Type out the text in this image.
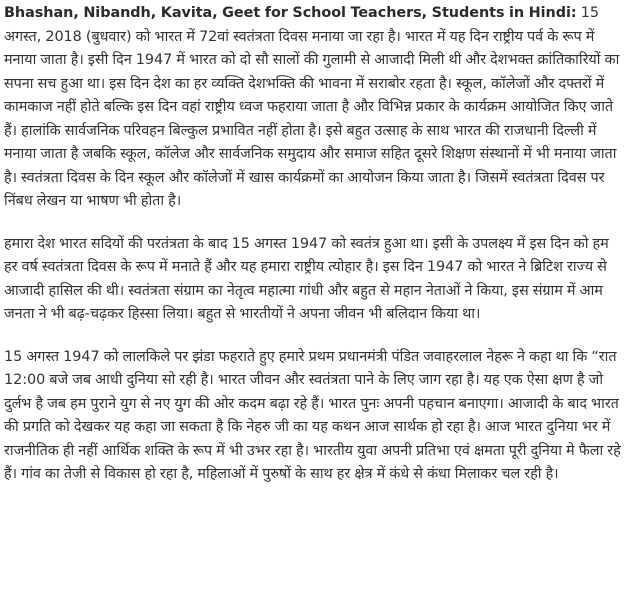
Bhashan, Nibandh, Kavita, Geet for School Teachers, Students in Hindi: 15 अगस्त, 2018 (बुधवार) को भारत में 72वां स्वतंत्रता दिवस मनाया जा रहा है। भारत में यह दिन राष्ट्रीय पर्व के रूप में मनाया जाता है। इसी दिन 1947 में भारत को दो सौ सालों की गुलामी से आजादी मिली थी और देशभक्त क्रांतिकारियों का सपना सच हुआ था। इस दिन देश का हर व्यक्ति देशभक्ति की भावना में सराबोर रहता है। स्कूल, कॉलेजों और दफ्तरों में कामकाज नहीं होते बल्कि इस दिन वहां राष्ट्रीय ध्वज फहराया जाता है और विभिन्न प्रकार के कार्यक्रम आयोजित किए जाते हैं। हालांकि सार्वजनिक परिवहन बिल्कुल प्रभावित नहीं होता है। इसे बहुत उत्साह के साथ भारत की राजधानी दिल्ली में मनाया जाता है जबकि स्कूल, कॉलेज और सार्वजनिक समुदाय और समाज सहित दूसरे शिक्षण संस्थानों में भी मनाया जाता है। स्वतंत्रता दिवस के दिन स्कूल और कॉलेजों में खास कार्यक्रमों का आयोजन किया जाता है। जिसमें स्वतंत्रता दिवस पर निंबध लेखन या भाषण भी होता है।

हमारा देश भारत सदियों की परतंत्रता के बाद 15 अगस्त 1947 को स्वतंत्र हुआ था। इसी के उपलक्ष्य में इस दिन को हम हर वर्ष स्वतंत्रता दिवस के रूप में मनाते हैं और यह हमारा राष्ट्रीय त्योहार है। इस दिन 1947 को भारत ने ब्रिटिश राज्य से आजादी हासिल की थी। स्वतंत्रता संग्राम का नेतृत्व महात्मा गांधी और बहुत से महान नेताओं ने किया, इस संग्राम में आम जनता ने भी बढ़-चढ़कर हिस्सा लिया। बहुत से भारतीयों ने अपना जीवन भी बलिदान किया था।

15 अगस्त 1947 को लालकिले पर झंडा फहराते हुए हमारे प्रथम प्रधानमंत्री पंडित जवाहरलाल नेहरू ने कहा था कि “रात 12:00 बजे जब आधी दुनिया सो रही है। भारत जीवन और स्वतंत्रता पाने के लिए जाग रहा है। यह एक ऐसा क्षण है जो दुर्लभ है जब हम पुराने युग से नए युग की ओर कदम बढ़ा रहे हैं। भारत पुनः अपनी पहचान बनाएगा। आजादी के बाद भारत की प्रगति को देखकर यह कहा जा सकता है कि नेहरु जी का यह कथन आज सार्थक हो रहा है। आज भारत दुनिया भर में राजनीतिक ही नहीं आर्थिक शक्ति के रूप में भी उभर रहा है। भारतीय युवा अपनी प्रतिभा एवं क्षमता पूरी दुनिया मे फैला रहे हैं। गांव का तेजी से विकास हो रहा है, महिलाओं में पुरुषों के साथ हर क्षेत्र में कंधे से कंधा मिलाकर चल रही है।
